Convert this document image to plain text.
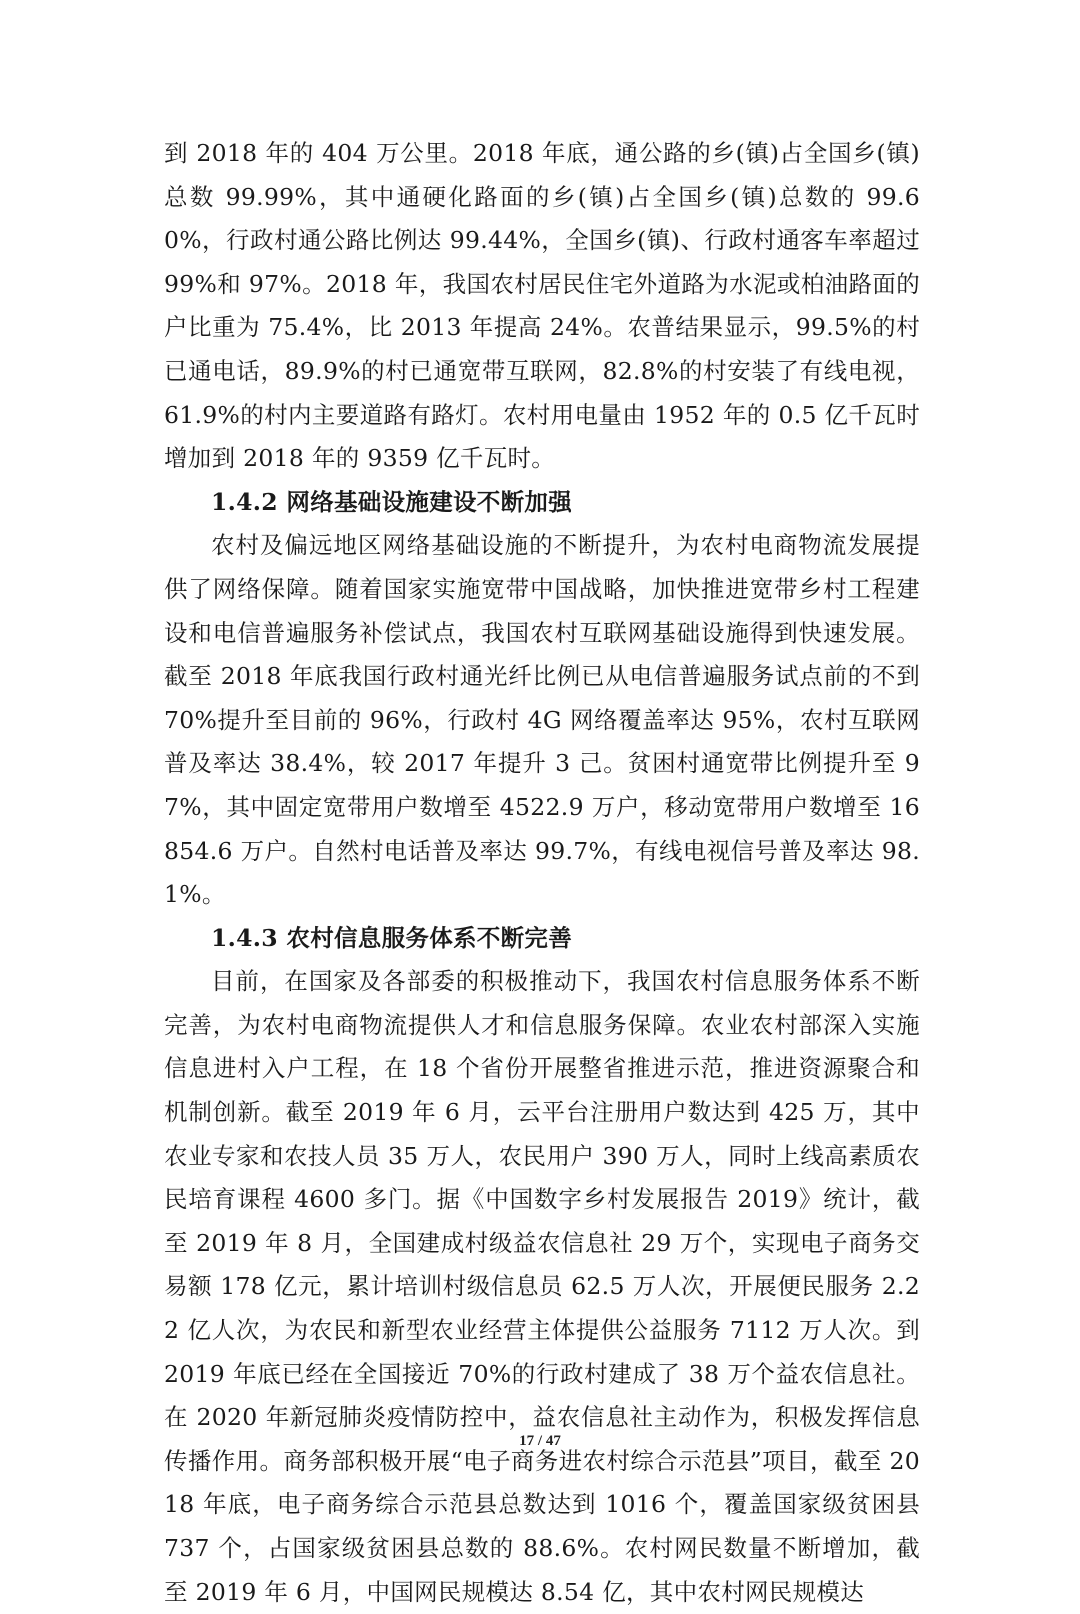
到 2018 年的 404 万公里。2018 年底，通公路的乡(镇)占全国乡(镇)总数 99.99%，其中通硬化路面的乡(镇)占全国乡(镇)总数的 99.60%，行政村通公路比例达 99.44%，全国乡(镇)、行政村通客车率超过 99%和 97%。2018 年，我国农村居民住宅外道路为水泥或柏油路面的户比重为 75.4%，比 2013 年提高 24%。农普结果显示，99.5%的村已通电话，89.9%的村已通宽带互联网，82.8%的村安装了有线电视，61.9%的村内主要道路有路灯。农村用电量由 1952 年的 0.5 亿千瓦时增加到 2018 年的 9359 亿千瓦时。

1.4.2 网络基础设施建设不断加强

农村及偏远地区网络基础设施的不断提升，为农村电商物流发展提供了网络保障。随着国家实施宽带中国战略，加快推进宽带乡村工程建设和电信普遍服务补偿试点，我国农村互联网基础设施得到快速发展。截至 2018 年底我国行政村通光纤比例已从电信普遍服务试点前的不到 70%提升至目前的 96%，行政村 4G 网络覆盖率达 95%，农村互联网普及率达 38.4%，较 2017 年提升 3 己。贫困村通宽带比例提升至 97%，其中固定宽带用户数增至 4522.9 万户，移动宽带用户数增至 16854.6 万户。自然村电话普及率达 99.7%，有线电视信号普及率达 98.1%。

1.4.3 农村信息服务体系不断完善

目前，在国家及各部委的积极推动下，我国农村信息服务体系不断完善，为农村电商物流提供人才和信息服务保障。农业农村部深入实施信息进村入户工程，在 18 个省份开展整省推进示范，推进资源聚合和机制创新。截至 2019 年 6 月，云平台注册用户数达到 425 万，其中农业专家和农技人员 35 万人，农民用户 390 万人，同时上线高素质农民培育课程 4600 多门。据《中国数字乡村发展报告 2019》统计，截至 2019 年 8 月，全国建成村级益农信息社 29 万个，实现电子商务交易额 178 亿元，累计培训村级信息员 62.5 万人次，开展便民服务 2.22 亿人次，为农民和新型农业经营主体提供公益服务 7112 万人次。到 2019 年底已经在全国接近 70%的行政村建成了 38 万个益农信息社。在 2020 年新冠肺炎疫情防控中，益农信息社主动作为，积极发挥信息传播作用。商务部积极开展“电子商务进农村综合示范县”项目，截至 2018 年底，电子商务综合示范县总数达到 1016 个，覆盖国家级贫困县 737 个，占国家级贫困县总数的 88.6%。农村网民数量不断增加，截至 2019 年 6 月，中国网民规模达 8.54 亿，其中农村网民规模达

17 / 47
